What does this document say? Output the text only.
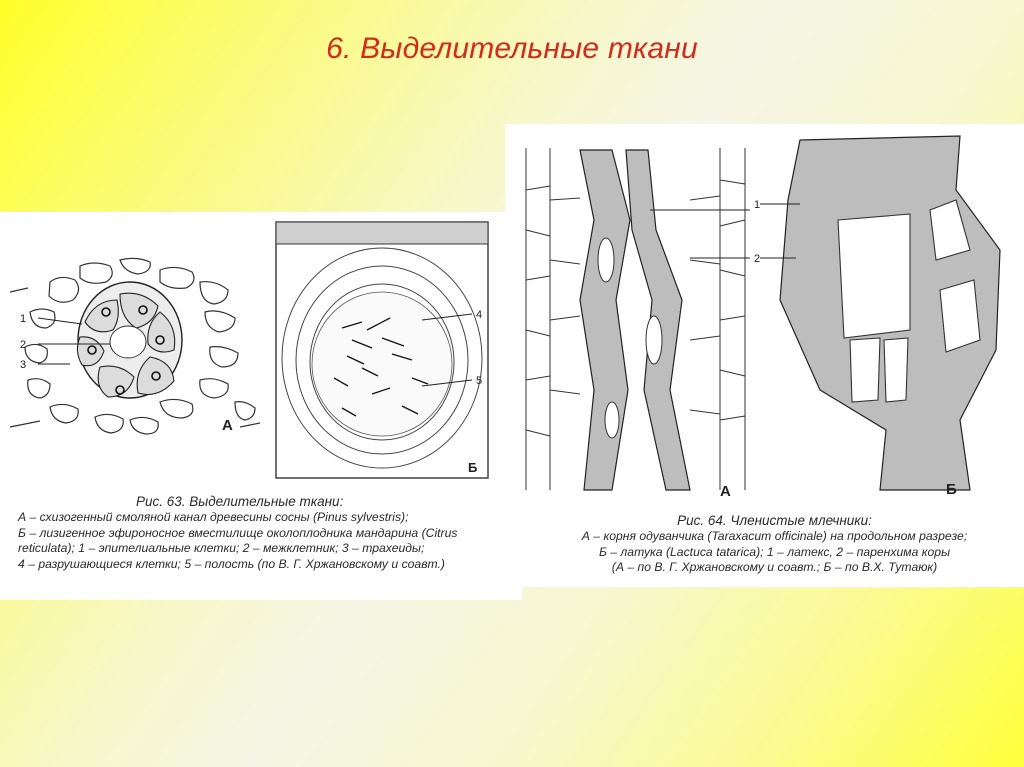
6. Выделительные ткани
1
2
3
А
4
5
Б
А
1
2
Б
Рис. 63. Выделительные ткани:
А – схизогенный смоляной канал древесины сосны (Pinus sylvestris);
Б – лизигенное эфироносное вместилище околоплодника мандарина (Citrus
reticulata); 1 – эпителиальные клетки; 2 – межклетник; 3 – трахеиды;
4 – разрушающиеся клетки; 5 – полость (по В. Г. Хржановскому и соавт.)
Рис. 64. Членистые млечники:
А – корня одуванчика (Taraxacum officinale) на продольном разрезе;
Б – латука (Lactuca tatarica); 1 – латекс, 2 – паренхима коры
(А – по В. Г. Хржановскому и соавт.; Б – по В.Х. Тутаюк)
